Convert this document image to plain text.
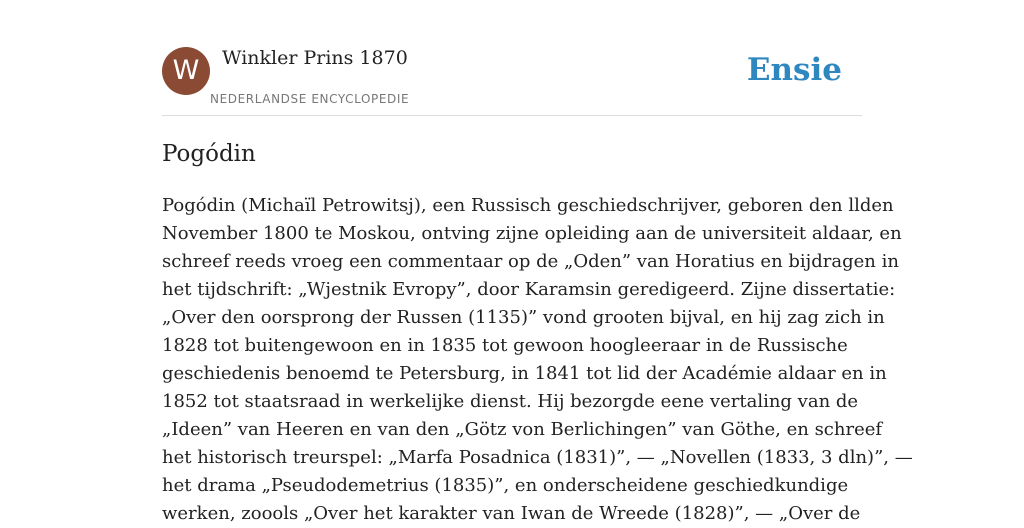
W	Winkler Prins 1870
NEDERLANDSE ENCYCLOPEDIE
Ensie
Pogódin

Pogódin (Michaïl Petrowitsj), een Russisch geschiedschrijver, geboren den llden
November 1800 te Moskou, ontving zijne opleiding aan de universiteit aldaar, en
schreef reeds vroeg een commentaar op de „Oden” van Horatius en bijdragen in
het tijdschrift: „Wjestnik Evropy”, door Karamsin geredigeerd. Zijne dissertatie:
„Over den oorsprong der Russen (1135)” vond grooten bijval, en hij zag zich in
1828 tot buitengewoon en in 1835 tot gewoon hoogleeraar in de Russische
geschiedenis benoemd te Petersburg, in 1841 tot lid der Académie aldaar en in
1852 tot staatsraad in werkelijke dienst. Hij bezorgde eene vertaling van de
„Ideen” van Heeren en van den „Götz von Berlichingen” van Göthe, en schreef
het historisch treurspel: „Marfa Posadnica (1831)”, — „Novellen (1833, 3 dln)”, —
het drama „Pseudodemetrius (1835)”, en onderscheidene geschiedkundige
werken, zoools „Over het karakter van Iwan de Wreede (1828)”, — „Over de
